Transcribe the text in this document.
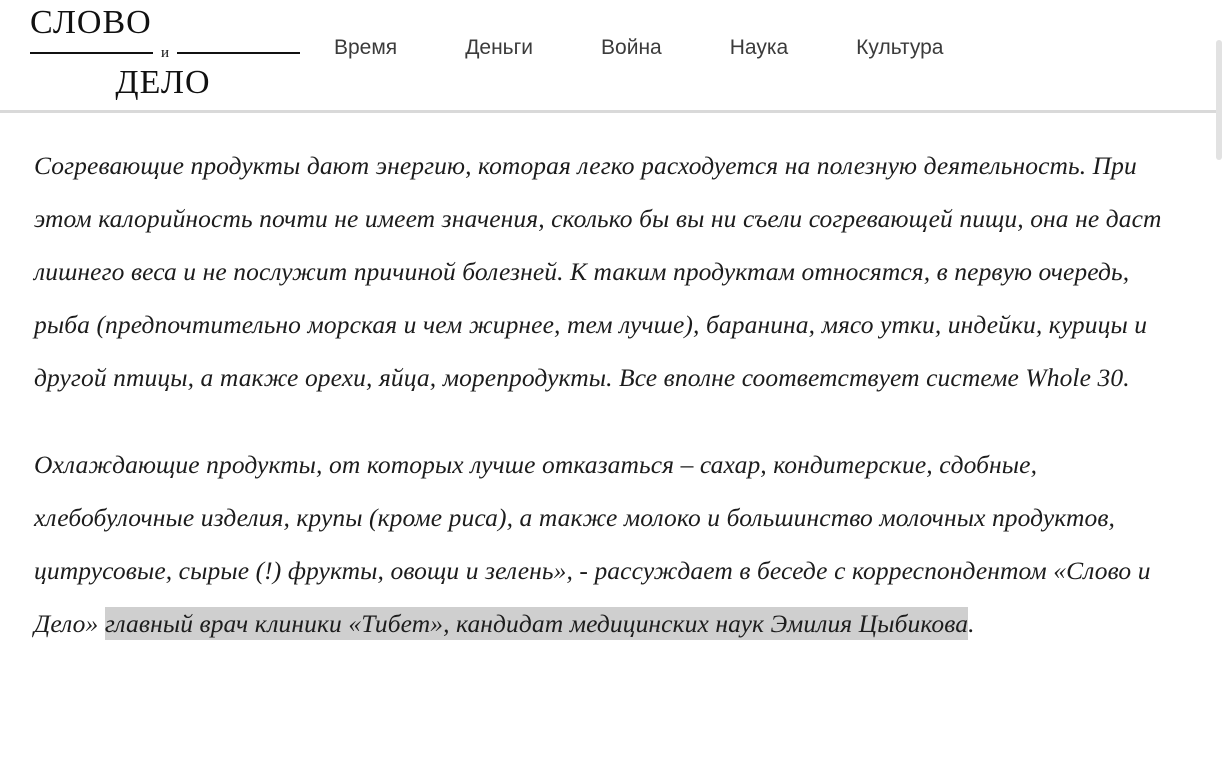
СЛОВО
и
ДЕЛО
Время	Деньги	Война	Наука	Культура

Согревающие продукты дают энергию, которая легко расходуется на полезную деятельность. При этом калорийность почти не имеет значения, сколько бы вы ни съели согревающей пищи, она не даст лишнего веса и не послужит причиной болезней. К таким продуктам относятся, в первую очередь, рыба (предпочтительно морская и чем жирнее, тем лучше), баранина, мясо утки, индейки, курицы и другой птицы, а также орехи, яйца, морепродукты. Все вполне соответствует системе Whole 30.

Охлаждающие продукты, от которых лучше отказаться – сахар, кондитерские, сдобные, хлебобулочные изделия, крупы (кроме риса), а также молоко и большинство молочных продуктов, цитрусовые, сырые (!) фрукты, овощи и зелень», - рассуждает в беседе с корреспондентом «Слово и Дело» главный врач клиники «Тибет», кандидат медицинских наук Эмилия Цыбикова.
